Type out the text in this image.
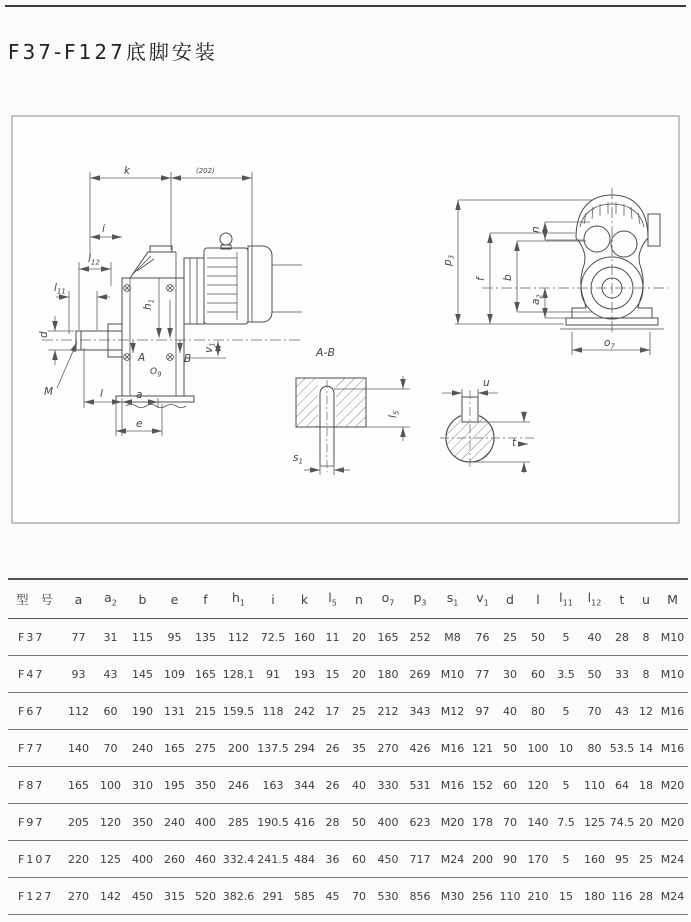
F37-F127底脚安装
k	(202)
i
$l_{12}$
$l_{11}$
d
M	l	a
e
$h_1$
$v_1$
A	B
$O_9$
$p_3$
f b
$a_2$
n
$o_7$
A-B
$l_5$
$s_1$
u
t
型 号	a	$a_2$	b	e	f	$h_1$	i	k	$l_5$	n	$o_7$	$p_3$	$s_1$	$v_1$	d	l	$l_{11}$	$l_{12}$	t	u	M
F37	77	31	115	95	135	112	72.5	160	11	20	165	252	M8	76	25	50	5	40	28	8	M10
F47	93	43	145	109	165	128.1	91	193	15	20	180	269	M10	77	30	60	3.5	50	33	8	M10
F67	112	60	190	131	215	159.5	118	242	17	25	212	343	M12	97	40	80	5	70	43	12	M16
F77	140	70	240	165	275	200	137.5	294	26	35	270	426	M16	121	50	100	10	80	53.5	14	M16
F87	165	100	310	195	350	246	163	344	26	40	330	531	M16	152	60	120	5	110	64	18	M20
F97	205	120	350	240	400	285	190.5	416	28	50	400	623	M20	178	70	140	7.5	125	74.5	20	M20
F107	220	125	400	260	460	332.4	241.5	484	36	60	450	717	M24	200	90	170	5	160	95	25	M24
F127	270	142	450	315	520	382.6	291	585	45	70	530	856	M30	256	110	210	15	180	116	28	M24
